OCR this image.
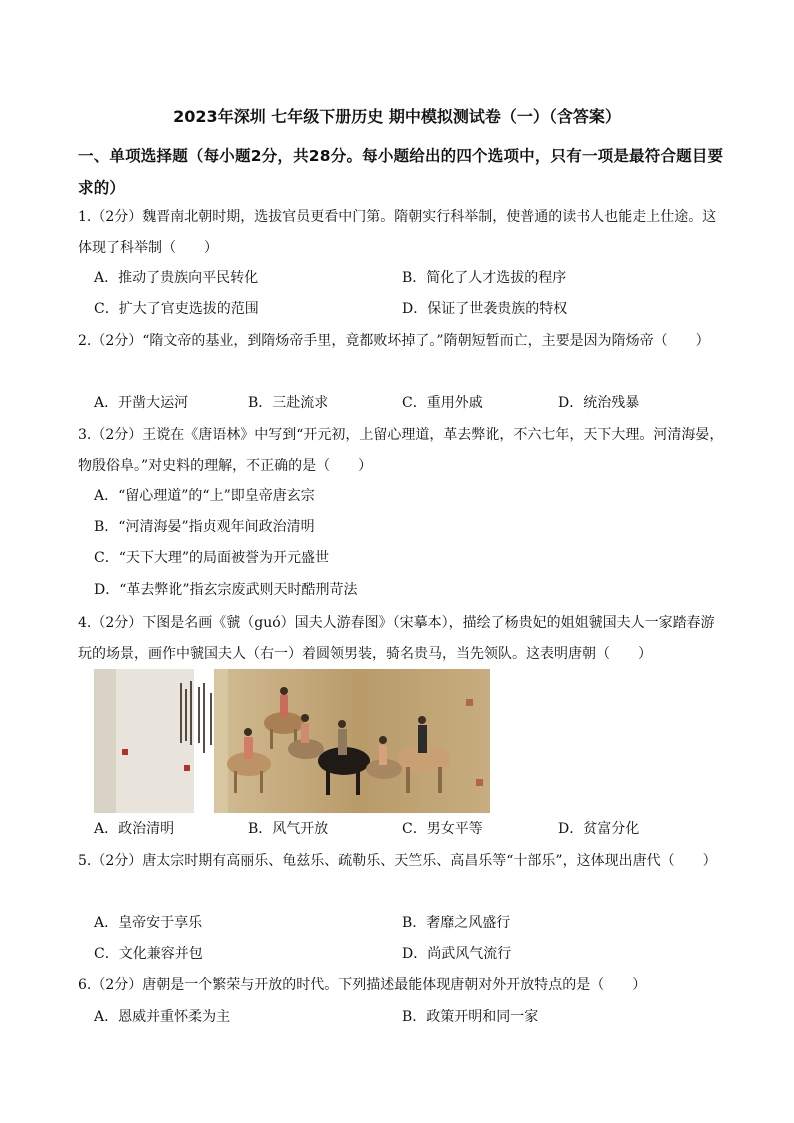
2023年深圳 七年级下册历史 期中模拟测试卷（一）（含答案）
一、单项选择题（每小题2分，共28分。每小题给出的四个选项中，只有一项是最符合题目要求的）
1.（2分）魏晋南北朝时期，选拔官员更看中门第。隋朝实行科举制，使普通的读书人也能走上仕途。这体现了科举制（　　）
A．推动了贵族向平民转化	B．简化了人才选拔的程序
C．扩大了官吏选拔的范围	D．保证了世袭贵族的特权
2.（2分）“隋文帝的基业，到隋炀帝手里，竟都败坏掉了。”隋朝短暂而亡，主要是因为隋炀帝（　　）
A．开凿大运河	B．三赴流求	C．重用外戚	D．统治残暴
3.（2分）王谠在《唐语林》中写到“开元初，上留心理道，革去弊讹，不六七年，天下大理。河清海晏，物殷俗阜。”对史料的理解，不正确的是（　　）
A．“留心理道”的“上”即皇帝唐玄宗
B．“河清海晏”指贞观年间政治清明
C．“天下大理”的局面被誉为开元盛世
D．“革去弊讹”指玄宗废武则天时酷刑苛法
4.（2分）下图是名画《虢（guó）国夫人游春图》（宋摹本），描绘了杨贵妃的姐姐虢国夫人一家踏春游玩的场景，画作中虢国夫人（右一）着圆领男装，骑名贵马，当先领队。这表明唐朝（　　）
A．政治清明	B．风气开放	C．男女平等	D．贫富分化
5.（2分）唐太宗时期有高丽乐、龟兹乐、疏勒乐、天竺乐、高昌乐等“十部乐”，这体现出唐代（　　）
A．皇帝安于享乐	B．奢靡之风盛行
C．文化兼容并包	D．尚武风气流行
6.（2分）唐朝是一个繁荣与开放的时代。下列描述最能体现唐朝对外开放特点的是（　　）
A．恩威并重怀柔为主	B．政策开明和同一家
